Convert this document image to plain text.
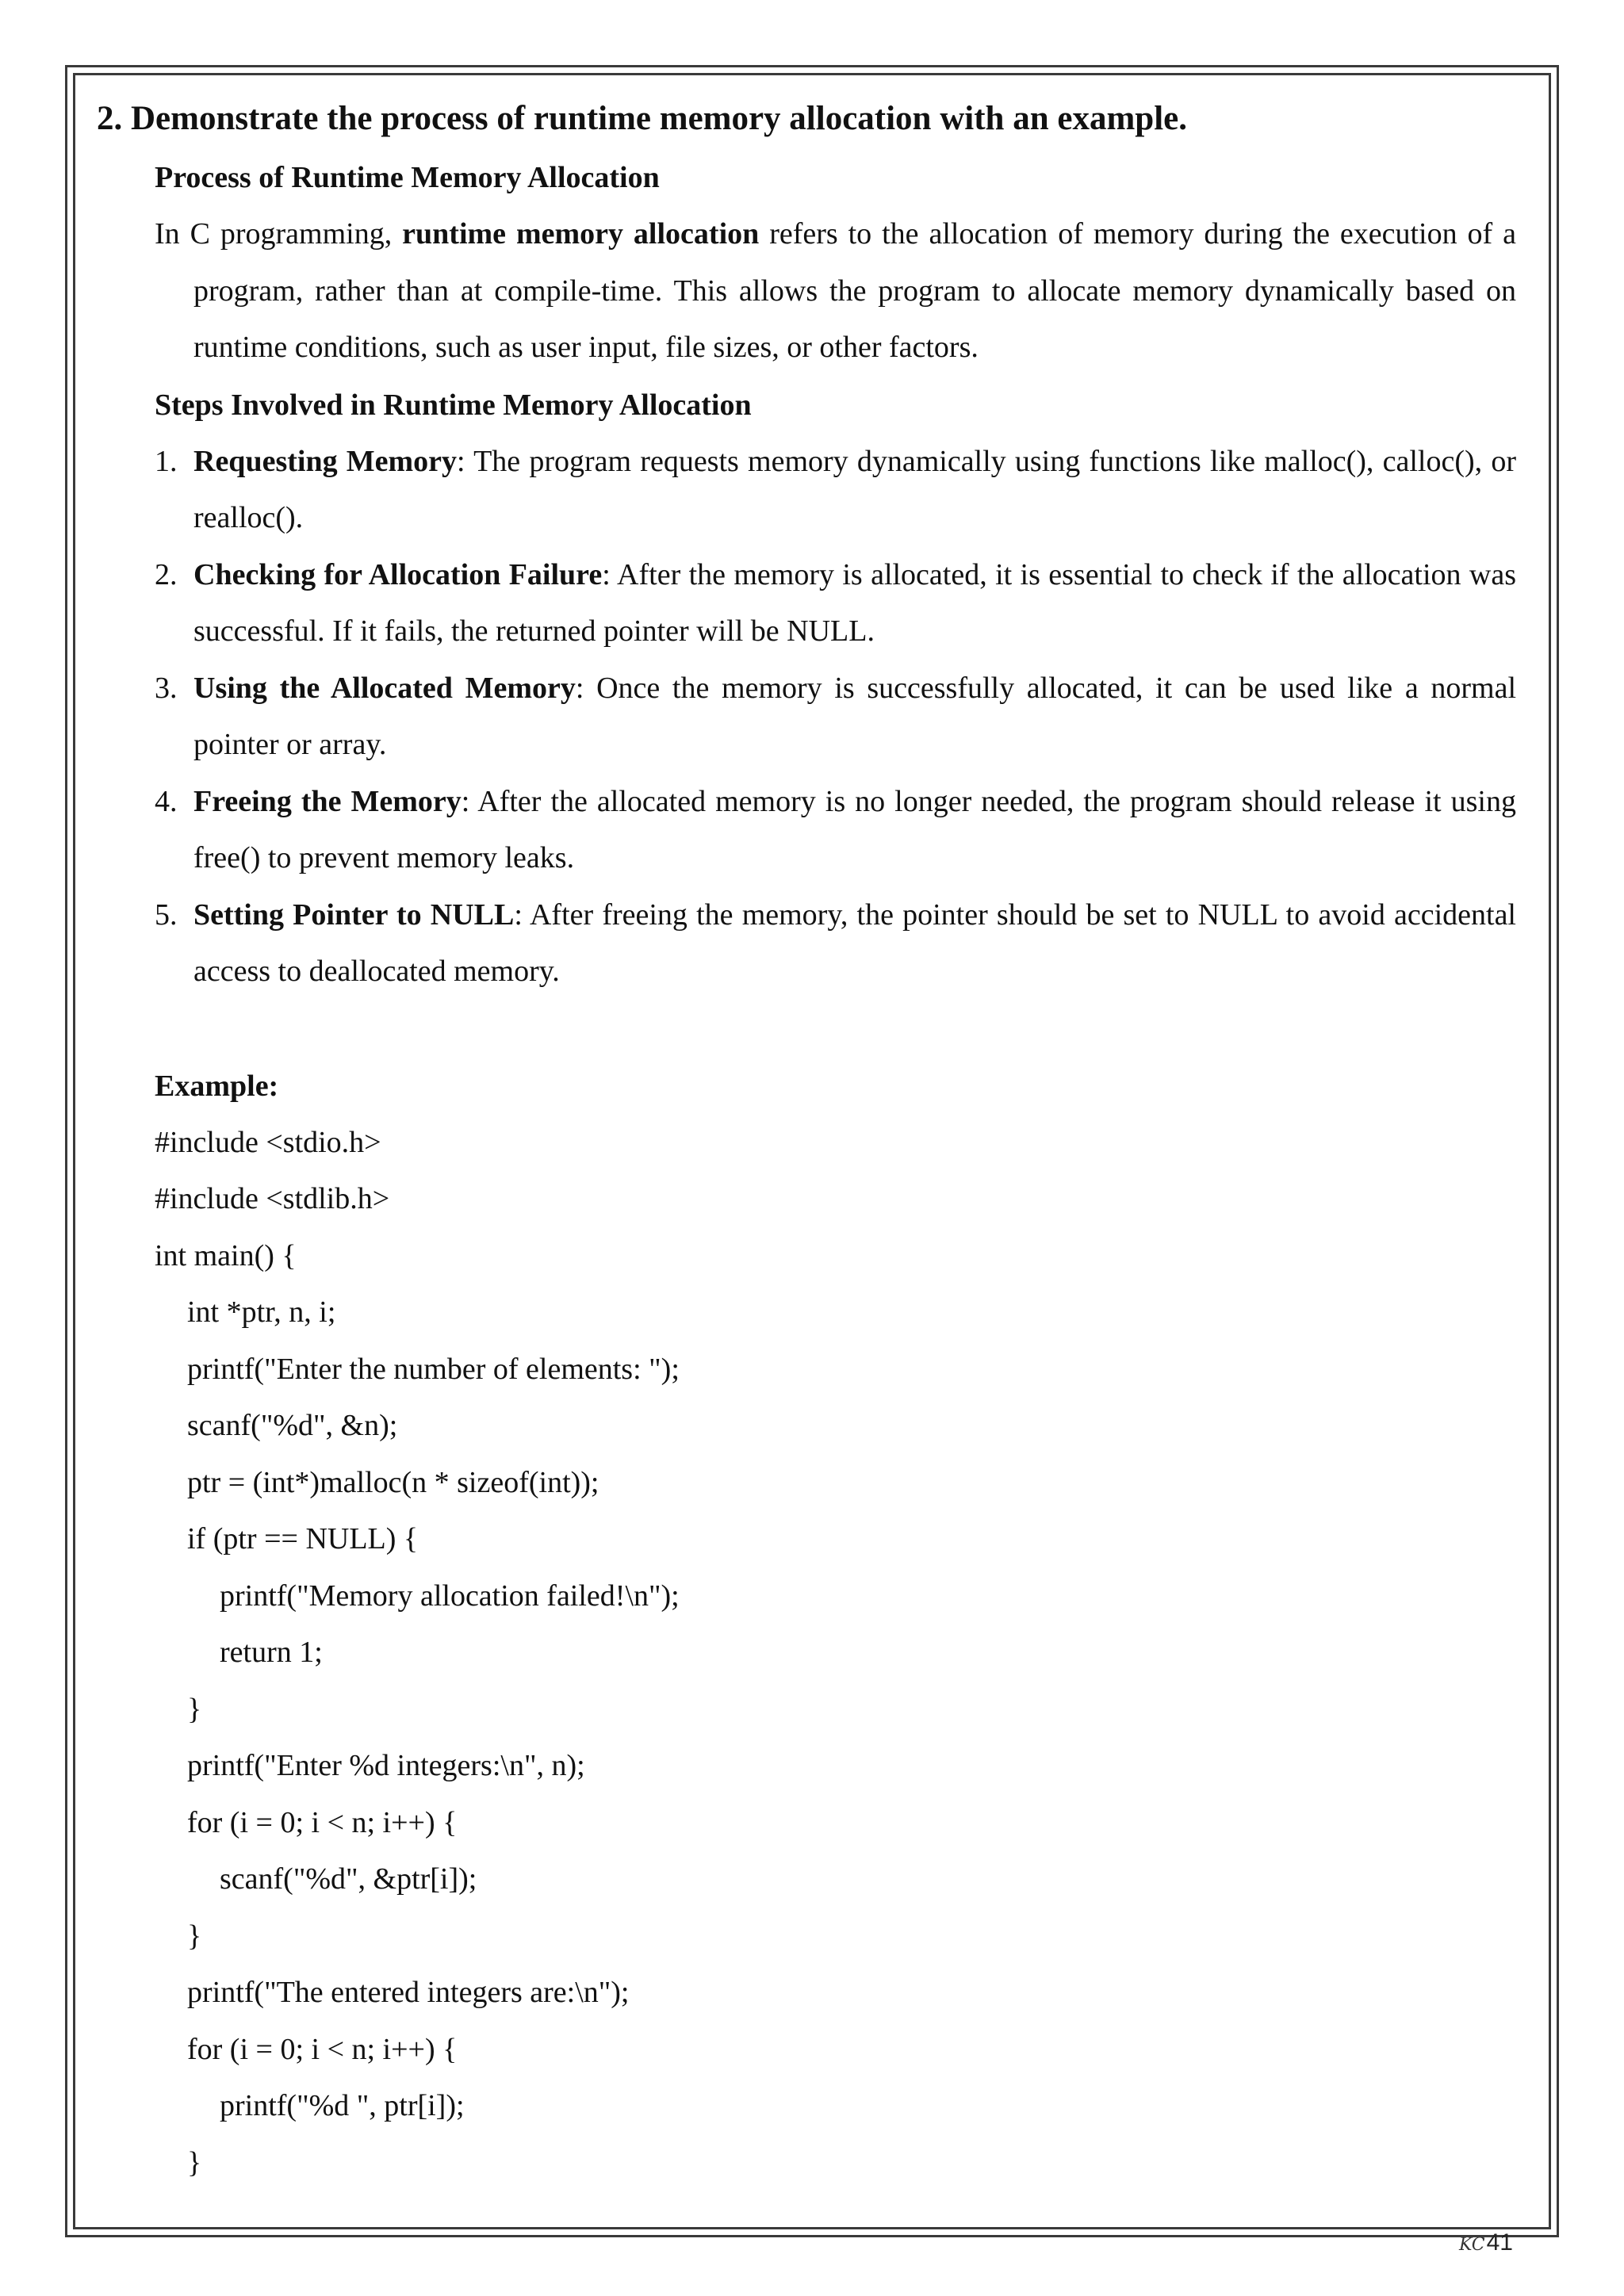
2. Demonstrate the process of runtime memory allocation with an example.
Process of Runtime Memory Allocation

In C programming, runtime memory allocation refers to the allocation of memory during the execution of a program, rather than at compile-time. This allows the program to allocate memory dynamically based on runtime conditions, such as user input, file sizes, or other factors.

Steps Involved in Runtime Memory Allocation
1. Requesting Memory: The program requests memory dynamically using functions like malloc(), calloc(), or realloc().
2. Checking for Allocation Failure: After the memory is allocated, it is essential to check if the allocation was successful. If it fails, the returned pointer will be NULL.
3. Using the Allocated Memory: Once the memory is successfully allocated, it can be used like a normal pointer or array.
4. Freeing the Memory: After the allocated memory is no longer needed, the program should release it using free() to prevent memory leaks.
5. Setting Pointer to NULL: After freeing the memory, the pointer should be set to NULL to avoid accidental access to deallocated memory.
Example:
#include <stdio.h>
#include <stdlib.h>
int main() {
int *ptr, n, i;
printf("Enter the number of elements: ");
scanf("%d", &n);
ptr = (int*)malloc(n * sizeof(int));
if (ptr == NULL) {
printf("Memory allocation failed!\n");
return 1;
}
printf("Enter %d integers:\n", n);
for (i = 0; i < n; i++) {
scanf("%d", &ptr[i]);
}
printf("The entered integers are:\n");
for (i = 0; i < n; i++) {
printf("%d ", ptr[i]);
}
KC41
